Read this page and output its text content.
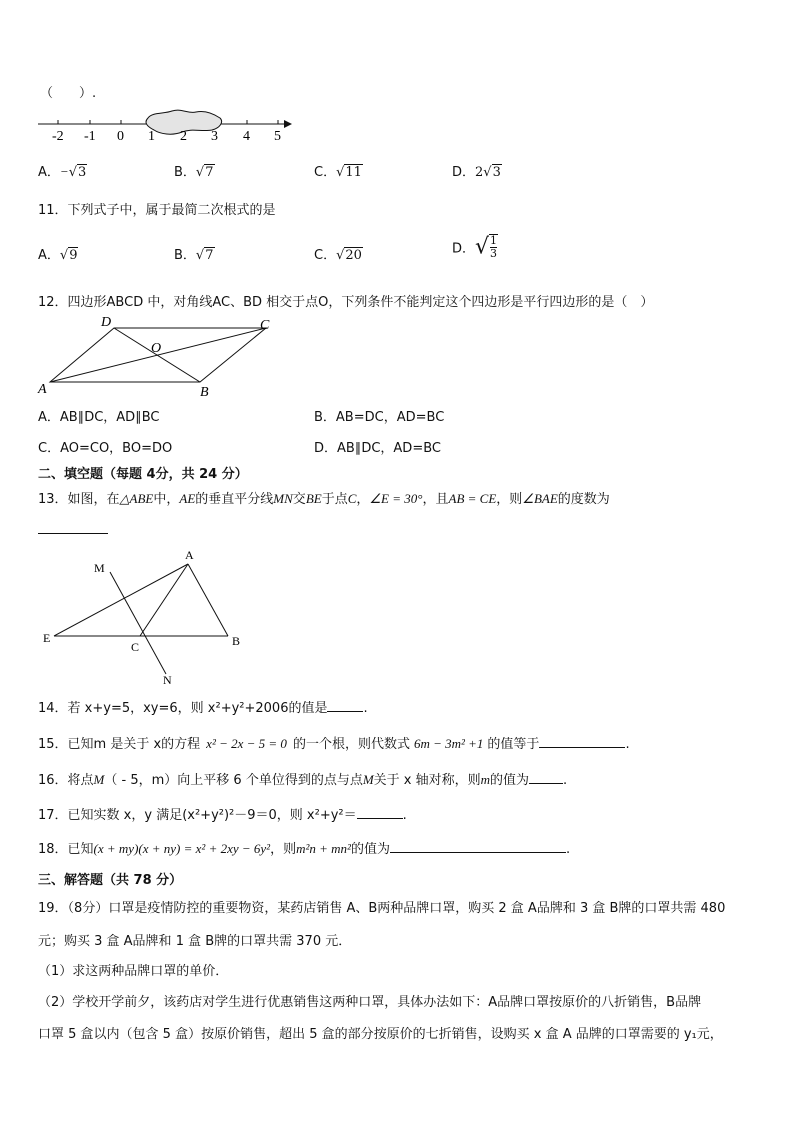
（　　）.
-2 -1 0 1 2 3 4 5
A．−√3	B．√7	C．√11	D．2√3
11．下列式子中，属于最简二次根式的是
A．√9	B．√7	C．√20	D．√ $\frac{1}{3}$
12．四边形ABCD 中，对角线AC、BD 相交于点O，下列条件不能判定这个四边形是平行四边形的是（　）
D	C
O
A	B
A．AB∥DC，AD∥BC	B．AB=DC，AD=BC
C．AO=CO，BO=DO	D．AB∥DC，AD=BC
二、填空题（每题 4分，共 24 分）
13．如图，在△ABE中，AE的垂直平分线MN交BE于点C，∠E = 30°，且AB = CE，则∠BAE的度数为
M
A
E
C	B
N
14．若 x+y=5，xy=6，则 x²+y²+2006的值是	.
15．已知m 是关于 x的方程 x² − 2x − 5 = 0 的一个根，则代数式 6m − 3m² +1 的值等于	.
16．将点M（ - 5，m）向上平移 6 个单位得到的点与点M关于 x 轴对称，则m的值为	.
17．已知实数 x，y 满足(x²+y²)²－9＝0，则 x²+y²＝	.
18．已知(x + my)(x + ny) = x² + 2xy − 6y²，则m²n + mn²的值为	.
三、解答题（共 78 分）
19．（8分）口罩是疫情防控的重要物资，某药店销售 A、B两种品牌口罩，购买 2 盒 A品牌和 3 盒 B牌的口罩共需 480
元；购买 3 盒 A品牌和 1 盒 B牌的口罩共需 370 元．
（1）求这两种品牌口罩的单价．
（2）学校开学前夕，该药店对学生进行优惠销售这两种口罩，具体办法如下：A品牌口罩按原价的八折销售，B品牌
口罩 5 盒以内（包含 5 盒）按原价销售，超出 5 盒的部分按原价的七折销售，设购买 x 盒 A 品牌的口罩需要的 y₁元，
